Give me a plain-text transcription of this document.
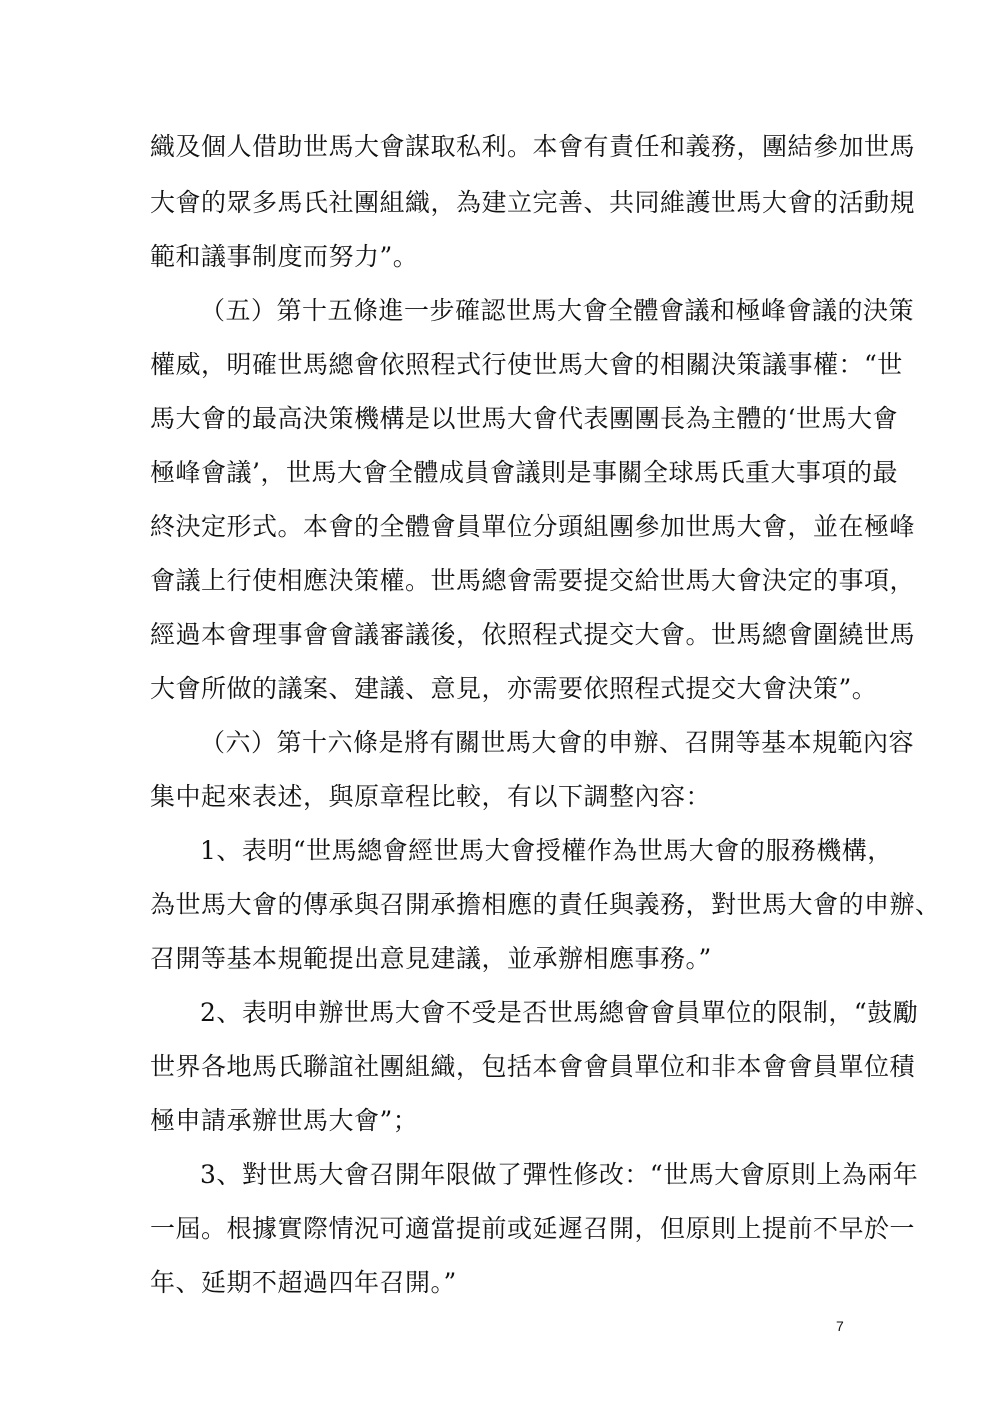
織及個人借助世馬大會謀取私利。本會有責任和義務，團結參加世馬
大會的眾多馬氏社團組織，為建立完善、共同維護世馬大會的活動規
範和議事制度而努力”。
（五）第十五條進一步確認世馬大會全體會議和極峰會議的決策
權威，明確世馬總會依照程式行使世馬大會的相關決策議事權：“世
馬大會的最高決策機構是以世馬大會代表團團長為主體的‘世馬大會
極峰會議’，世馬大會全體成員會議則是事關全球馬氏重大事項的最
終決定形式。本會的全體會員單位分頭組團參加世馬大會，並在極峰
會議上行使相應決策權。世馬總會需要提交給世馬大會決定的事項，
經過本會理事會會議審議後，依照程式提交大會。世馬總會圍繞世馬
大會所做的議案、建議、意見，亦需要依照程式提交大會決策”。
（六）第十六條是將有關世馬大會的申辦、召開等基本規範內容
集中起來表述，與原章程比較，有以下調整內容：
1、表明“世馬總會經世馬大會授權作為世馬大會的服務機構，
為世馬大會的傳承與召開承擔相應的責任與義務，對世馬大會的申辦、
召開等基本規範提出意見建議，並承辦相應事務。”
2、表明申辦世馬大會不受是否世馬總會會員單位的限制，“鼓勵
世界各地馬氏聯誼社團組織，包括本會會員單位和非本會會員單位積
極申請承辦世馬大會”；
3、對世馬大會召開年限做了彈性修改：“世馬大會原則上為兩年
一屆。根據實際情況可適當提前或延遲召開，但原則上提前不早於一
年、延期不超過四年召開。”
7
